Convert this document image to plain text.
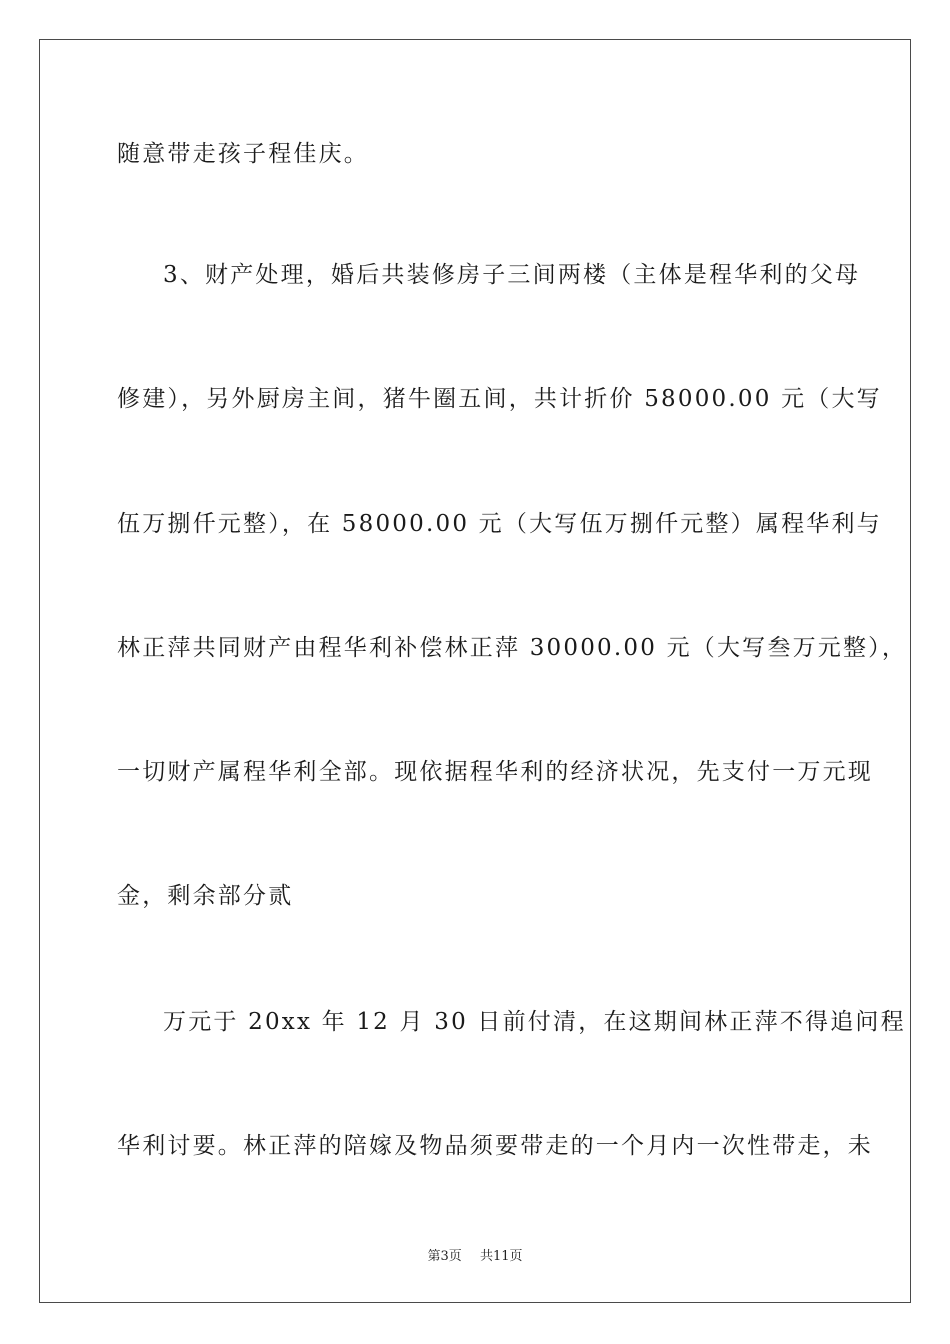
随意带走孩子程佳庆。
3、财产处理，婚后共装修房子三间两楼（主体是程华利的父母
修建），另外厨房主间，猪牛圈五间，共计折价 58000.00 元（大写
伍万捌仟元整），在 58000.00 元（大写伍万捌仟元整）属程华利与
林正萍共同财产由程华利补偿林正萍 30000.00 元（大写叁万元整），
一切财产属程华利全部。现依据程华利的经济状况，先支付一万元现
金，剩余部分贰
万元于 20xx 年 12 月 30 日前付清，在这期间林正萍不得追问程
华利讨要。林正萍的陪嫁及物品须要带走的一个月内一次性带走，未
第3页 共11页
